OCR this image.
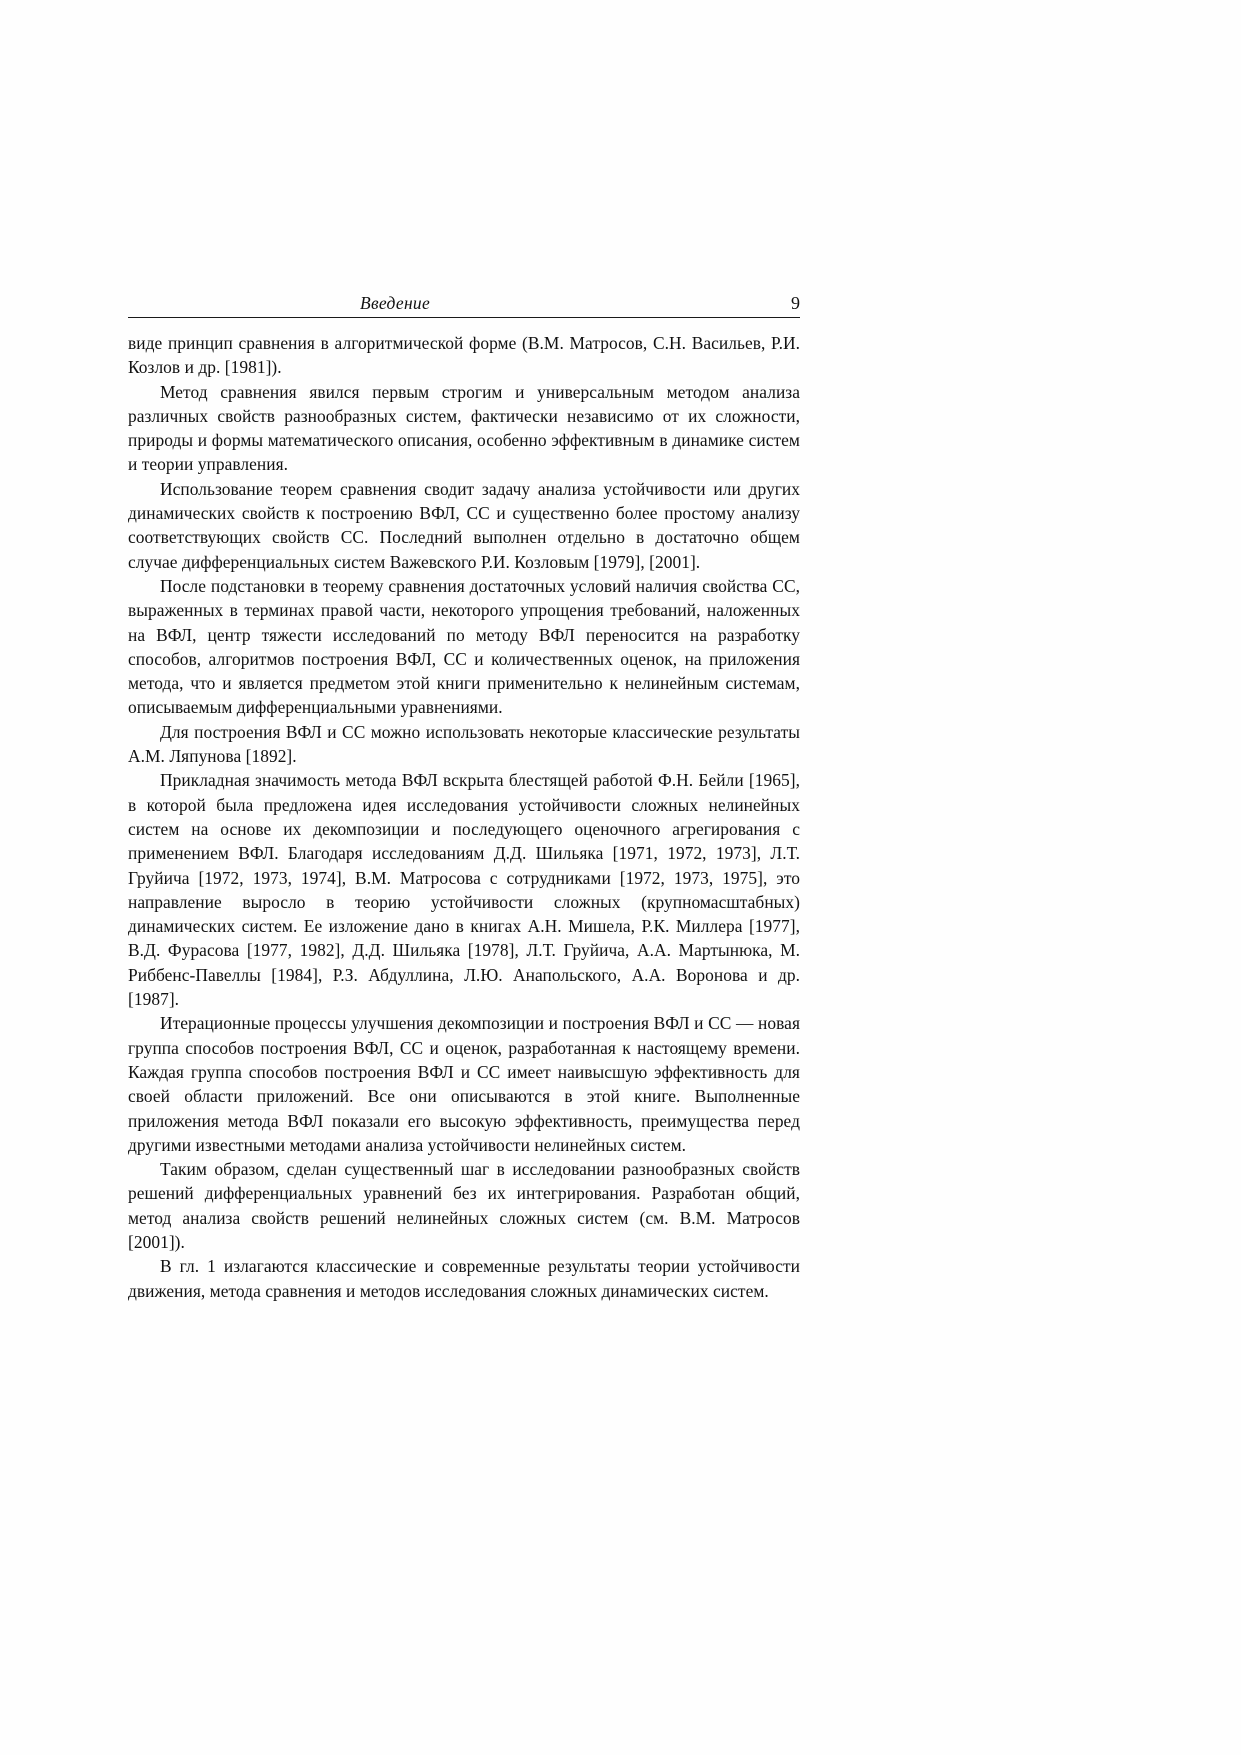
Введение	9

виде принцип сравнения в алгоритмической форме (В.М. Матросов, С.Н. Васильев, Р.И. Козлов и др. [1981]).

Метод сравнения явился первым строгим и универсальным методом анализа различных свойств разнообразных систем, фактически независимо от их сложности, природы и формы математического описания, особенно эффективным в динамике систем и теории управления.

Использование теорем сравнения сводит задачу анализа устойчивости или других динамических свойств к построению ВФЛ, СС и существенно более простому анализу соответствующих свойств СС. Последний выполнен отдельно в достаточно общем случае дифференциальных систем Важевского Р.И. Козловым [1979], [2001].

После подстановки в теорему сравнения достаточных условий наличия свойства СС, выраженных в терминах правой части, некоторого упрощения требований, наложенных на ВФЛ, центр тяжести исследований по методу ВФЛ переносится на разработку способов, алгоритмов построения ВФЛ, СС и количественных оценок, на приложения метода, что и является предметом этой книги применительно к нелинейным системам, описываемым дифференциальными уравнениями.

Для построения ВФЛ и СС можно использовать некоторые классические результаты А.М. Ляпунова [1892].

Прикладная значимость метода ВФЛ вскрыта блестящей работой Ф.Н. Бейли [1965], в которой была предложена идея исследования устойчивости сложных нелинейных систем на основе их декомпозиции и последующего оценочного агрегирования с применением ВФЛ. Благодаря исследованиям Д.Д. Шильяка [1971, 1972, 1973], Л.Т. Груйича [1972, 1973, 1974], В.М. Матросова с сотрудниками [1972, 1973, 1975], это направление выросло в теорию устойчивости сложных (крупномасштабных) динамических систем. Ее изложение дано в книгах А.Н. Мишела, Р.К. Миллера [1977], В.Д. Фурасова [1977, 1982], Д.Д. Шильяка [1978], Л.Т. Груйича, А.А. Мартынюка, М. Риббенс-Павеллы [1984], Р.З. Абдуллина, Л.Ю. Анапольского, А.А. Воронова и др. [1987].

Итерационные процессы улучшения декомпозиции и построения ВФЛ и СС — новая группа способов построения ВФЛ, СС и оценок, разработанная к настоящему времени. Каждая группа способов построения ВФЛ и СС имеет наивысшую эффективность для своей области приложений. Все они описываются в этой книге. Выполненные приложения метода ВФЛ показали его высокую эффективность, преимущества перед другими известными методами анализа устойчивости нелинейных систем.

Таким образом, сделан существенный шаг в исследовании разнообразных свойств решений дифференциальных уравнений без их интегрирования. Разработан общий, метод анализа свойств решений нелинейных сложных систем (см. В.М. Матросов [2001]).

В гл. 1 излагаются классические и современные результаты теории устойчивости движения, метода сравнения и методов исследования сложных динамических систем.
